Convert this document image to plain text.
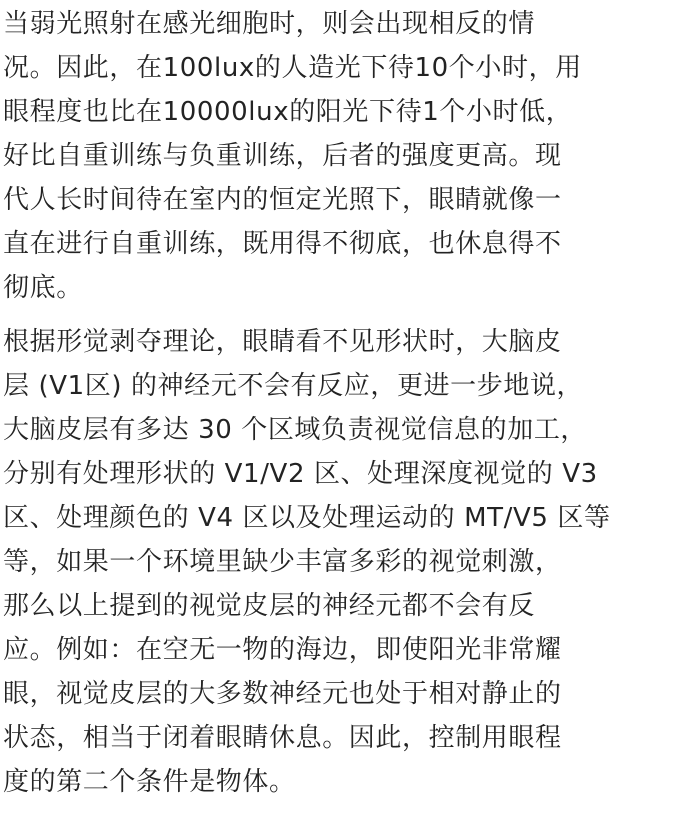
当弱光照射在感光细胞时，则会出现相反的情
况。因此，在100lux的人造光下待10个小时，用
眼程度也比在10000lux的阳光下待1个小时低，
好比自重训练与负重训练，后者的强度更高。现
代人长时间待在室内的恒定光照下，眼睛就像一
直在进行自重训练，既用得不彻底，也休息得不
彻底。
根据形觉剥夺理论，眼睛看不见形状时，大脑皮
层 (V1区) 的神经元不会有反应，更进一步地说，
大脑皮层有多达 30 个区域负责视觉信息的加工，
分别有处理形状的 V1/V2 区、处理深度视觉的 V3
区、处理颜色的 V4 区以及处理运动的 MT/V5 区等
等，如果一个环境里缺少丰富多彩的视觉刺激，
那么以上提到的视觉皮层的神经元都不会有反
应。例如：在空无一物的海边，即使阳光非常耀
眼，视觉皮层的大多数神经元也处于相对静止的
状态，相当于闭着眼睛休息。因此，控制用眼程
度的第二个条件是物体。
